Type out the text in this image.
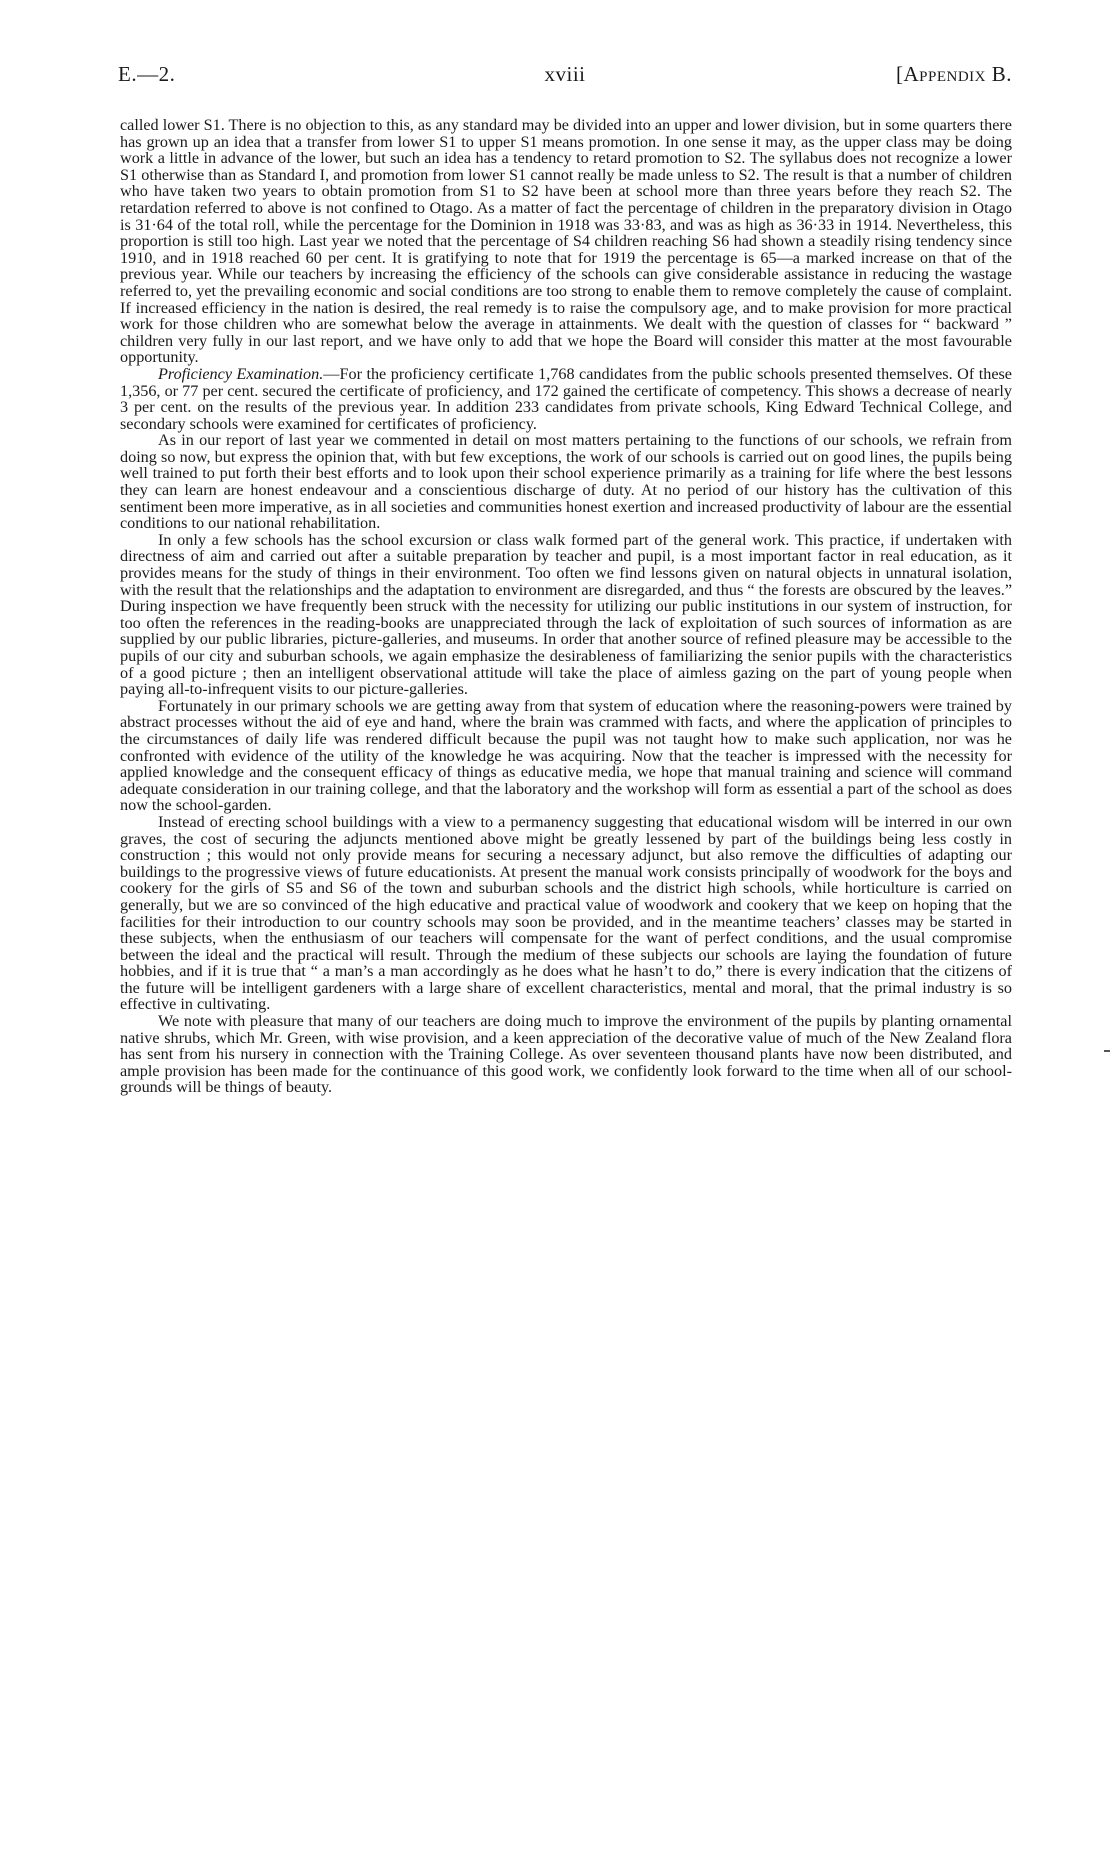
E.—2.	xviii	[Appendix B.

called lower S1. There is no objection to this, as any standard may be divided into an upper and lower division, but in some quarters there has grown up an idea that a transfer from lower S1 to upper S1 means promotion. In one sense it may, as the upper class may be doing work a little in advance of the lower, but such an idea has a tendency to retard promotion to S2. The syllabus does not recognize a lower S1 otherwise than as Standard I, and promotion from lower S1 cannot really be made unless to S2. The result is that a number of children who have taken two years to obtain promotion from S1 to S2 have been at school more than three years before they reach S2. The retardation referred to above is not confined to Otago. As a matter of fact the percentage of children in the preparatory division in Otago is 31·64 of the total roll, while the percentage for the Dominion in 1918 was 33·83, and was as high as 36·33 in 1914. Nevertheless, this proportion is still too high. Last year we noted that the percentage of S4 children reaching S6 had shown a steadily rising tendency since 1910, and in 1918 reached 60 per cent. It is gratifying to note that for 1919 the percentage is 65—a marked increase on that of the previous year. While our teachers by increasing the efficiency of the schools can give considerable assistance in reducing the wastage referred to, yet the prevailing economic and social conditions are too strong to enable them to remove completely the cause of complaint. If increased efficiency in the nation is desired, the real remedy is to raise the compulsory age, and to make provision for more practical work for those children who are somewhat below the average in attainments. We dealt with the question of classes for “ backward ” children very fully in our last report, and we have only to add that we hope the Board will consider this matter at the most favourable opportunity.

Proficiency Examination.—For the proficiency certificate 1,768 candidates from the public schools presented themselves. Of these 1,356, or 77 per cent. secured the certificate of proficiency, and 172 gained the certificate of competency. This shows a decrease of nearly 3 per cent. on the results of the previous year. In addition 233 candidates from private schools, King Edward Technical College, and secondary schools were examined for certificates of proficiency.

As in our report of last year we commented in detail on most matters pertaining to the functions of our schools, we refrain from doing so now, but express the opinion that, with but few exceptions, the work of our schools is carried out on good lines, the pupils being well trained to put forth their best efforts and to look upon their school experience primarily as a training for life where the best lessons they can learn are honest endeavour and a conscientious discharge of duty. At no period of our history has the cultivation of this sentiment been more imperative, as in all societies and communities honest exertion and increased productivity of labour are the essential conditions to our national rehabilitation.

In only a few schools has the school excursion or class walk formed part of the general work. This practice, if undertaken with directness of aim and carried out after a suitable preparation by teacher and pupil, is a most important factor in real education, as it provides means for the study of things in their environment. Too often we find lessons given on natural objects in unnatural isolation, with the result that the relationships and the adaptation to environment are disregarded, and thus “ the forests are obscured by the leaves.” During inspection we have frequently been struck with the necessity for utilizing our public institutions in our system of instruction, for too often the references in the reading-books are unappreciated through the lack of exploitation of such sources of information as are supplied by our public libraries, picture-galleries, and museums. In order that another source of refined pleasure may be accessible to the pupils of our city and suburban schools, we again emphasize the desirableness of familiarizing the senior pupils with the characteristics of a good picture ; then an intelligent observational attitude will take the place of aimless gazing on the part of young people when paying all-to-infrequent visits to our picture-galleries.

Fortunately in our primary schools we are getting away from that system of education where the reasoning-powers were trained by abstract processes without the aid of eye and hand, where the brain was crammed with facts, and where the application of principles to the circumstances of daily life was rendered difficult because the pupil was not taught how to make such application, nor was he confronted with evidence of the utility of the knowledge he was acquiring. Now that the teacher is impressed with the necessity for applied knowledge and the consequent efficacy of things as educative media, we hope that manual training and science will command adequate consideration in our training college, and that the laboratory and the workshop will form as essential a part of the school as does now the school-garden.

Instead of erecting school buildings with a view to a permanency suggesting that educational wisdom will be interred in our own graves, the cost of securing the adjuncts mentioned above might be greatly lessened by part of the buildings being less costly in construction ; this would not only provide means for securing a necessary adjunct, but also remove the difficulties of adapting our buildings to the progressive views of future educationists. At present the manual work consists principally of woodwork for the boys and cookery for the girls of S5 and S6 of the town and suburban schools and the district high schools, while horticulture is carried on generally, but we are so convinced of the high educative and practical value of woodwork and cookery that we keep on hoping that the facilities for their introduction to our country schools may soon be provided, and in the meantime teachers’ classes may be started in these subjects, when the enthusiasm of our teachers will compensate for the want of perfect conditions, and the usual compromise between the ideal and the practical will result. Through the medium of these subjects our schools are laying the foundation of future hobbies, and if it is true that “ a man’s a man accordingly as he does what he hasn’t to do,” there is every indication that the citizens of the future will be intelligent gardeners with a large share of excellent characteristics, mental and moral, that the primal industry is so effective in cultivating.

We note with pleasure that many of our teachers are doing much to improve the environment of the pupils by planting ornamental native shrubs, which Mr. Green, with wise provision, and a keen appreciation of the decorative value of much of the New Zealand flora has sent from his nursery in connection with the Training College. As over seventeen thousand plants have now been distributed, and ample provision has been made for the continuance of this good work, we confidently look forward to the time when all of our school-grounds will be things of beauty.
